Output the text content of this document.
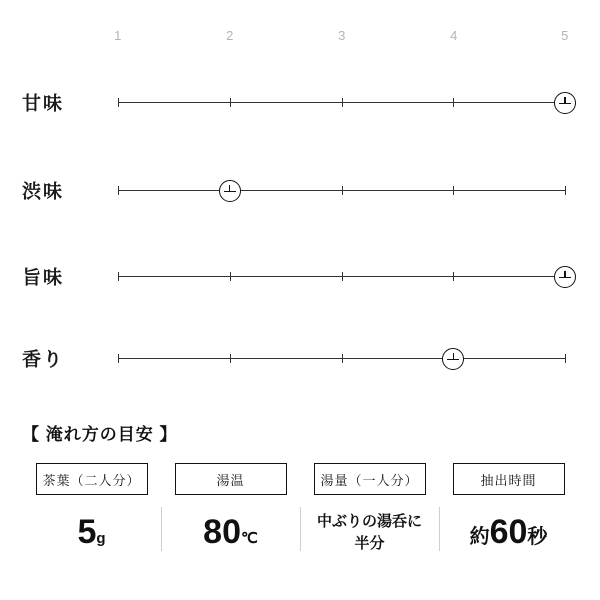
1	2	3	4	5
甘味
渋味
旨味
香り
【 淹れ方の目安 】
茶葉（二人分）
5 g
湯温
80 ℃
湯量（一人分）
中ぶりの湯呑に
半分
抽出時間
約 60 秒
